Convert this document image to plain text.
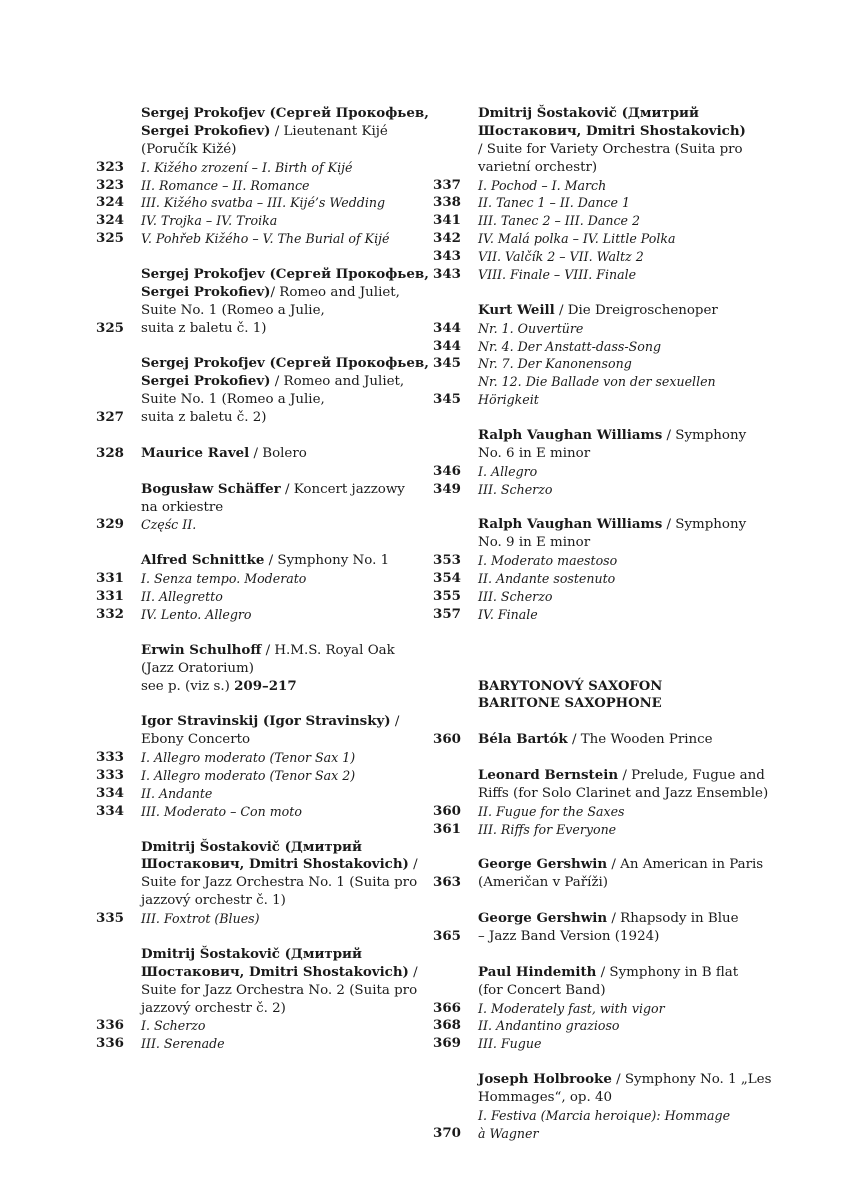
Sergej Prokofjev (Сергей Прокофьев,
Sergei Prokofiev) / Lieutenant Kijé
(Poručík Kižé)
323	I. Kižého zrození – I. Birth of Kijé
323	II. Romance – II. Romance
324	III. Kižého svatba – III. Kijé’s Wedding
324	IV. Trojka – IV. Troika
325	V. Pohřeb Kižého – V. The Burial of Kijé
Sergej Prokofjev (Сергей Прокофьев,
Sergei Prokofiev)/ Romeo and Juliet,
Suite No. 1 (Romeo a Julie,
325	suita z baletu č. 1)
Sergej Prokofjev (Сергей Прокофьев,
Sergei Prokofiev) / Romeo and Juliet,
Suite No. 1 (Romeo a Julie,
327	suita z baletu č. 2)
328	Maurice Ravel / Bolero
Bogusław Schäffer / Koncert jazzowy
na orkiestre
329	Częśc II.
Alfred Schnittke / Symphony No. 1
331	I. Senza tempo. Moderato
331	II. Allegretto
332	IV. Lento. Allegro
Erwin Schulhoff / H.M.S. Royal Oak
(Jazz Oratorium)
see p. (viz s.) 209–217
Igor Stravinskij (Igor Stravinsky) /
Ebony Concerto
333	I. Allegro moderato (Tenor Sax 1)
333	I. Allegro moderato (Tenor Sax 2)
334	II. Andante
334	III. Moderato – Con moto
Dmitrij Šostakovič (Дмитрий
Шостакович, Dmitri Shostakovich) /
Suite for Jazz Orchestra No. 1 (Suita pro
jazzový orchestr č. 1)
335	III. Foxtrot (Blues)
Dmitrij Šostakovič (Дмитрий
Шостакович, Dmitri Shostakovich) /
Suite for Jazz Orchestra No. 2 (Suita pro
jazzový orchestr č. 2)
336	I. Scherzo
336	III. Serenade
Dmitrij Šostakovič (Дмитрий
Шостакович, Dmitri Shostakovich)
/ Suite for Variety Orchestra (Suita pro
varietní orchestr)
337	I. Pochod – I. March
338	II. Tanec 1 – II. Dance 1
341	III. Tanec 2 – III. Dance 2
342	IV. Malá polka – IV. Little Polka
343	VII. Valčík 2 – VII. Waltz 2
343	VIII. Finale – VIII. Finale
Kurt Weill / Die Dreigroschenoper
344	Nr. 1. Ouvertüre
344	Nr. 4. Der Anstatt-dass-Song
345	Nr. 7. Der Kanonensong
Nr. 12. Die Ballade von der sexuellen
345	Hörigkeit
Ralph Vaughan Williams / Symphony
No. 6 in E minor
346	I. Allegro
349	III. Scherzo
Ralph Vaughan Williams / Symphony
No. 9 in E minor
353	I. Moderato maestoso
354	II. Andante sostenuto
355	III. Scherzo
357	IV. Finale
BARYTONOVÝ SAXOFON
BARITONE SAXOPHONE
360	Béla Bartók / The Wooden Prince
Leonard Bernstein / Prelude, Fugue and
Riffs (for Solo Clarinet and Jazz Ensemble)
360	II. Fugue for the Saxes
361	III. Riffs for Everyone
George Gershwin / An American in Paris
363	(Američan v Paříži)
George Gershwin / Rhapsody in Blue
365	– Jazz Band Version (1924)
Paul Hindemith / Symphony in B flat
(for Concert Band)
366	I. Moderately fast, with vigor
368	II. Andantino grazioso
369	III. Fugue
Joseph Holbrooke / Symphony No. 1 „Les
Hommages“, op. 40
I. Festiva (Marcia heroique): Hommage
370	à Wagner
